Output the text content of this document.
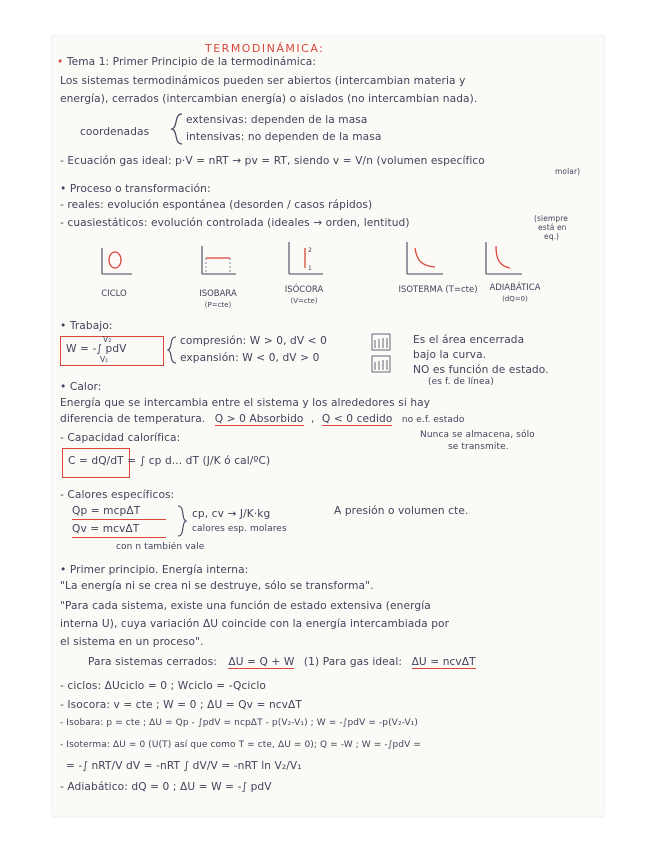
TERMODINÁMICA:
• Tema 1: Primer Principio de la termodinámica:
Los sistemas termodinámicos pueden ser abiertos (intercambian materia y
energía), cerrados (intercambian energía) o aislados (no intercambian nada).
coordenadas
extensivas: dependen de la masa
intensivas: no dependen de la masa
- Ecuación gas ideal: p·V = nRT → pv = RT, siendo v = V/n (volumen específico
molar)
• Proceso o transformación:
- reales: evolución espontánea (desorden / casos rápidos)
- cuasiestáticos: evolución controlada (ideales → orden, lentitud)	(siempre
está en
eq.)
CICLO	ISOBARA
(P=cte)
2
1
ISÓCORA
(V=cte)
ISOTERMA (T=cte)	ADIABÁTICA
(dQ=0)
• Trabajo:
W = -∫ pdV
V₂
V₁
compresión: W > 0, dV < 0
expansión: W < 0, dV > 0
Es el área encerrada
bajo la curva.
NO es función de estado.
(es f. de línea)
• Calor:
Energía que se intercambia entre el sistema y los alrededores si hay
diferencia de temperatura. Q > 0 Absorbido , Q < 0 cedido no e.f. estado
Nunca se almacena, sólo
se transmite.
- Capacidad calorífica:
C = dQ/dT = ∫ cp d... dT (J/K ó cal/ºC)
- Calores específicos:
Qp = mcpΔT
Qv = mcvΔT
cp, cv → J/K·kg
calores esp. molares
A presión o volumen cte.
con n también vale
• Primer principio. Energía interna:
"La energía ni se crea ni se destruye, sólo se transforma".
"Para cada sistema, existe una función de estado extensiva (energía
interna U), cuya variación ΔU coincide con la energía intercambiada por
el sistema en un proceso".
Para sistemas cerrados: ΔU = Q + W (1) Para gas ideal: ΔU = ncvΔT
- ciclos: ΔUciclo = 0 ; Wciclo = -Qciclo
- Isocora: v = cte ; W = 0 ; ΔU = Qv = ncvΔT
- Isobara: p = cte ; ΔU = Qp - ∫pdV = ncpΔT - p(V₂-V₁) ; W = -∫pdV = -p(V₂-V₁)
- Isoterma: ΔU = 0 (U(T) así que como T = cte, ΔU = 0); Q = -W ; W = -∫pdV =
= -∫ nRT/V dV = -nRT ∫ dV/V = -nRT ln V₂/V₁
- Adiabático: dQ = 0 ; ΔU = W = -∫ pdV
